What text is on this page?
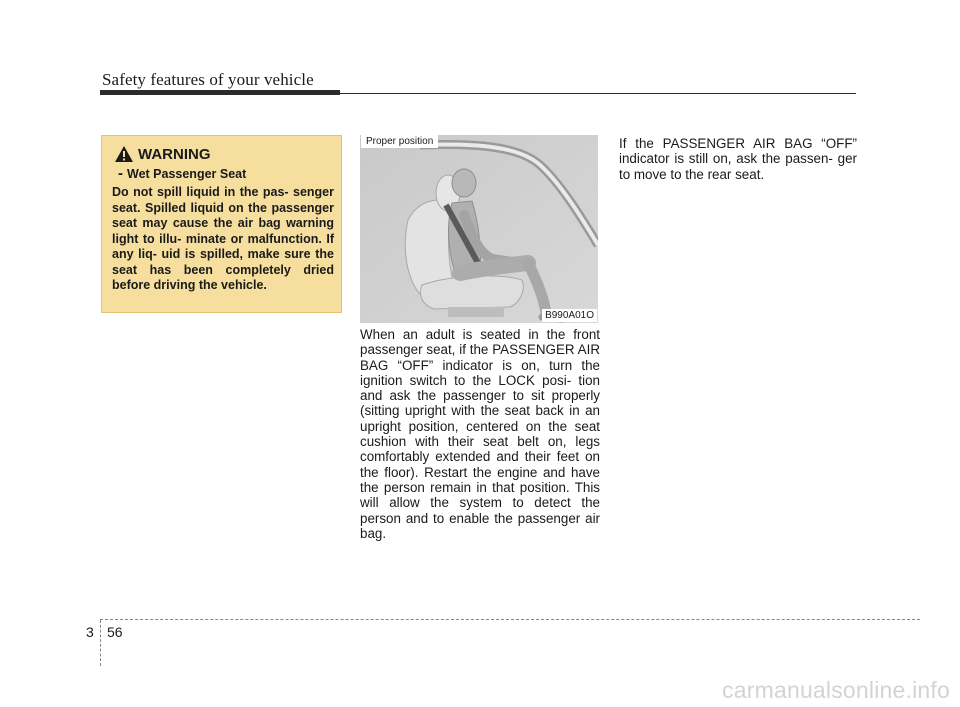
Safety features of your vehicle
WARNING
- Wet Passenger Seat
Do not spill liquid in the pas- senger seat. Spilled liquid on the passenger seat may cause the air bag warning light to illu- minate or malfunction. If any liq- uid is spilled, make sure the seat has been completely dried before driving the vehicle.
Proper position
B990A01O
When an adult is seated in the front passenger seat, if the PASSENGER AIR BAG “OFF” indicator is on, turn the ignition switch to the LOCK posi- tion and ask the passenger to sit properly (sitting upright with the seat back in an upright position, centered on the seat cushion with their seat belt on, legs comfortably extended and their feet on the floor). Restart the engine and have the person remain in that position. This will allow the system to detect the person and to enable the passenger air bag.
If the PASSENGER AIR BAG “OFF” indicator is still on, ask the passen- ger to move to the rear seat.
3 56
carmanualsonline.info
